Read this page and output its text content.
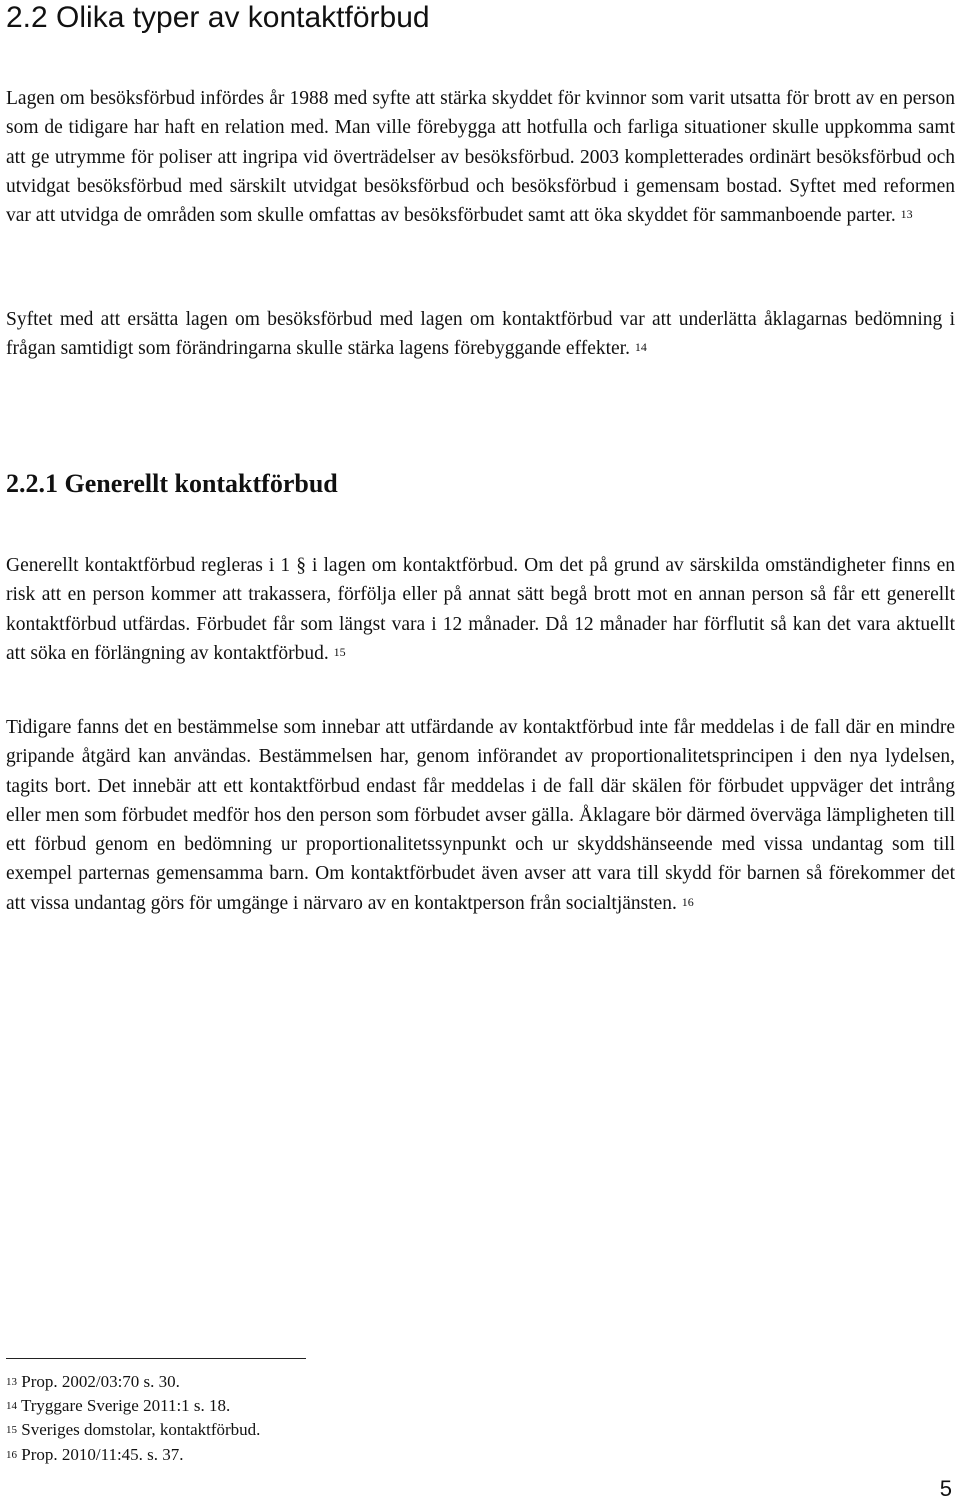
2.2 Olika typer av kontaktförbud

Lagen om besöksförbud infördes år 1988 med syfte att stärka skyddet för kvinnor som varit utsatta för brott av en person som de tidigare har haft en relation med. Man ville förebygga att hotfulla och farliga situationer skulle uppkomma samt att ge utrymme för poliser att ingripa vid överträdelser av besöksförbud. 2003 kompletterades ordinärt besöksförbud och utvidgat besöksförbud med särskilt utvidgat besöksförbud och besöksförbud i gemensam bostad. Syftet med reformen var att utvidga de områden som skulle omfattas av besöksförbudet samt att öka skyddet för sammanboende parter. $^{13}$

Syftet med att ersätta lagen om besöksförbud med lagen om kontaktförbud var att underlätta åklagarnas bedömning i frågan samtidigt som förändringarna skulle stärka lagens förebyggande effekter. $^{14}$

2.2.1 Generellt kontaktförbud

Generellt kontaktförbud regleras i 1 § i lagen om kontaktförbud. Om det på grund av särskilda omständigheter finns en risk att en person kommer att trakassera, förfölja eller på annat sätt begå brott mot en annan person så får ett generellt kontaktförbud utfärdas. Förbudet får som längst vara i 12 månader. Då 12 månader har förflutit så kan det vara aktuellt att söka en förlängning av kontaktförbud. $^{15}$

Tidigare fanns det en bestämmelse som innebar att utfärdande av kontaktförbud inte får meddelas i de fall där en mindre gripande åtgärd kan användas. Bestämmelsen har, genom införandet av proportionalitetsprincipen i den nya lydelsen, tagits bort. Det innebär att ett kontaktförbud endast får meddelas i de fall där skälen för förbudet uppväger det intrång eller men som förbudet medför hos den person som förbudet avser gälla. Åklagare bör därmed överväga lämpligheten till ett förbud genom en bedömning ur proportionalitetssynpunkt och ur skyddshänseende med vissa undantag som till exempel parternas gemensamma barn. Om kontaktförbudet även avser att vara till skydd för barnen så förekommer det att vissa undantag görs för umgänge i närvaro av en kontaktperson från socialtjänsten. $^{16}$

$^{13}$ Prop. 2002/03:70 s. 30.

$^{14}$ Tryggare Sverige 2011:1 s. 18.

$^{15}$ Sveriges domstolar, kontaktförbud.

$^{16}$ Prop. 2010/11:45. s. 37.

5
